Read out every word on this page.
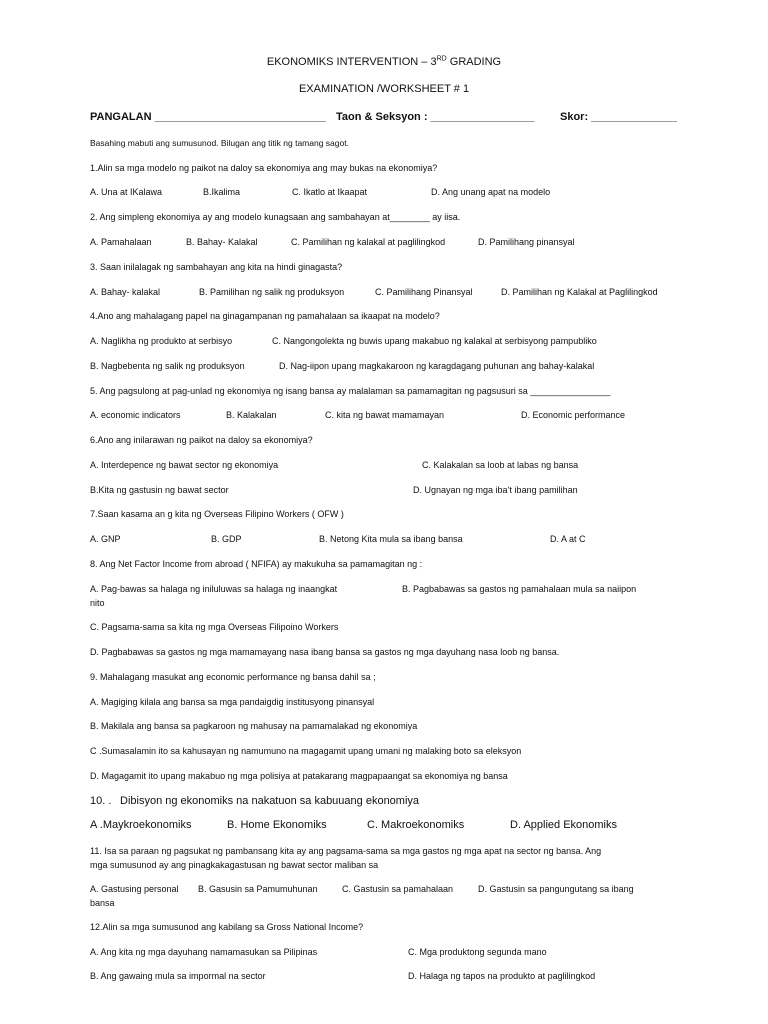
EKONOMIKS INTERVENTION – 3RD GRADING
EXAMINATION /WORKSHEET # 1
PANGALAN ____________________________ Taon & Seksyon : _________________ Skor: ______________
Basahing mabuti ang sumusunod. Bilugan ang titik ng tamang sagot.
1.Alin sa mga modelo ng paikot na daloy sa ekonomiya ang may bukas na ekonomiya?
A. Una at IKalawa	B.Ikalima	C. Ikatlo at Ikaapat	D. Ang unang apat na modelo
2. Ang simpleng ekonomiya ay ang modelo kunagsaan ang sambahayan at________ ay iisa.
A. Pamahalaan	B. Bahay- Kalakal	C. Pamilihan ng kalakal at paglilingkod	D. Pamilihang pinansyal
3. Saan inilalagak ng sambahayan ang kita na hindi ginagasta?
A. Bahay- kalakal	B. Pamilihan ng salik ng produksyon	C. Pamilihang Pinansyal	D. Pamilihan ng Kalakal at Paglilingkod
4.Ano ang mahalagang papel na ginagampanan ng pamahalaan sa ikaapat na modelo?
A. Naglikha ng produkto at serbisyo	C. Nangongolekta ng buwis upang makabuo ng kalakal at serbisyong pampubliko
B. Nagbebenta ng salik ng produksyon	D. Nag-iipon upang magkakaroon ng karagdagang puhunan ang bahay-kalakal
5. Ang pagsulong at pag-unlad ng ekonomiya ng isang bansa ay malalaman sa pamamagitan ng pagsusuri sa ________________
A. economic indicators	B. Kalakalan	C. kita ng bawat mamamayan	D. Economic performance
6.Ano ang inilarawan ng paikot na daloy sa ekonomiya?
A. Interdepence ng bawat sector ng ekonomiya	C. Kalakalan sa loob at labas ng bansa
B.Kita ng gastusin ng bawat sector	D. Ugnayan ng mga iba’t ibang pamilihan
7.Saan kasama an g kita ng Overseas Filipino Workers ( OFW )
A. GNP	B. GDP	B. Netong Kita mula sa ibang bansa	D. A at C
8. Ang Net Factor Income from abroad ( NFIFA) ay makukuha sa pamamagitan ng :
A. Pag-bawas sa halaga ng iniluluwas sa halaga ng inaangkat	B. Pagbabawas sa gastos ng pamahalaan mula sa naiipon
nito
C. Pagsama-sama sa kita ng mga Overseas Filipoino Workers
D. Pagbabawas sa gastos ng mga mamamayang nasa ibang bansa sa gastos ng mga dayuhang nasa loob ng bansa.
9. Mahalagang masukat ang economic performance ng bansa dahil sa ;
A. Magiging kilala ang bansa sa mga pandaigdig institusyong pinansyal
B. Makilala ang bansa sa pagkaroon ng mahusay na pamamalakad ng ekonomiya
C .Sumasalamin ito sa kahusayan ng namumuno na magagamit upang umani ng malaking boto sa eleksyon
D. Magagamit ito upang makabuo ng mga polisiya at patakarang magpapaangat sa ekonomiya ng bansa
10. . Dibisyon ng ekonomiks na nakatuon sa kabuuang ekonomiya
A .Maykroekonomiks	B. Home Ekonomiks	C. Makroekonomiks	D. Applied Ekonomiks
11. Isa sa paraan ng pagsukat ng pambansang kita ay ang pagsama-sama sa mga gastos ng mga apat na sector ng bansa. Ang
mga sumusunod ay ang pinagkakagastusan ng bawat sector maliban sa
A. Gastusing personal B. Gasusin sa Pamumuhunan	C. Gastusin sa pamahalaan	D. Gastusin sa pangungutang sa ibang
bansa
12.Alin sa mga sumusunod ang kabilang sa Gross National Income?
A. Ang kita ng mga dayuhang namamasukan sa Pilipinas	C. Mga produktong segunda mano
B. Ang gawaing mula sa impormal na sector	D. Halaga ng tapos na produkto at paglilingkod
